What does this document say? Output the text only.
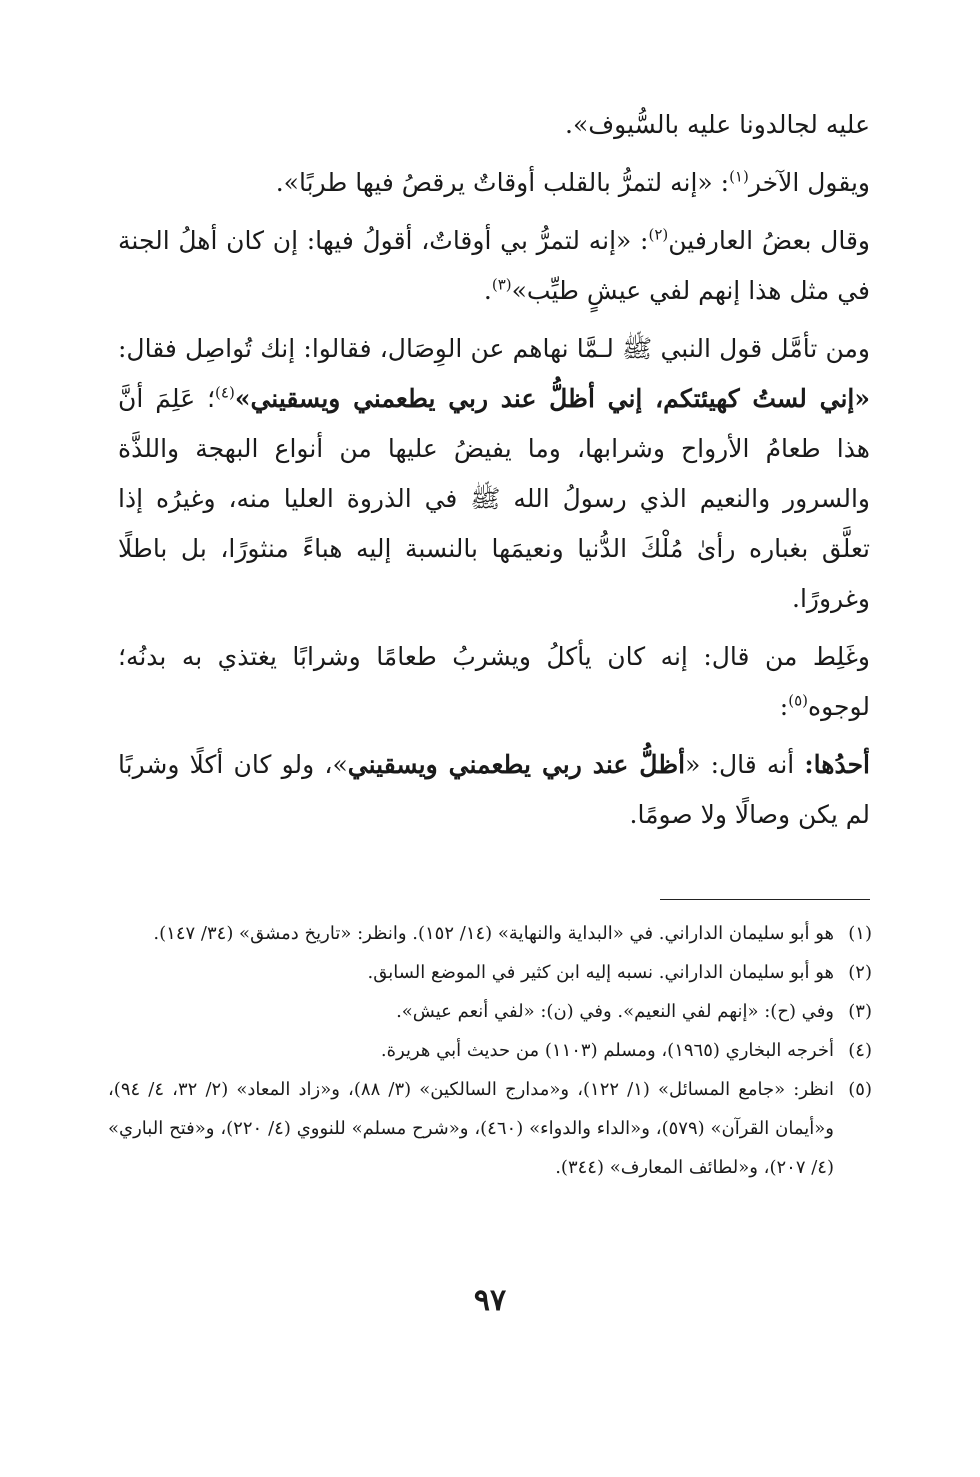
عليه لجالدونا عليه بالسُّيوف».

ويقول الآخر$^{(١)}$: «إنه لتمرُّ بالقلب أوقاتٌ يرقصُ فيها طربًا».

وقال بعضُ العارفين$^{(٢)}$: «إنه لتمرُّ بي أوقاتٌ، أقولُ فيها: إن كان أهلُ الجنة في مثل هذا إنهم لفي عيشٍ طيِّب»$^{(٣)}$.

ومن تأمَّل قول النبي ﷺ لـمَّا نهاهم عن الوِصَال، فقالوا: إنك تُواصِل فقال: «إني لستُ كهيئتكم، إني أظلُّ عند ربي يطعمني ويسقيني»$^{(٤)}$؛ عَلِمَ أنَّ هذا طعامُ الأرواح وشرابها، وما يفيضُ عليها من أنواع البهجة واللذَّة والسرور والنعيم الذي رسولُ الله ﷺ في الذروة العليا منه، وغيرُه إذا تعلَّق بغباره رأىٰ مُلْكَ الدُّنيا ونعيمَها بالنسبة إليه هباءً منثورًا، بل باطلًا وغرورًا.

وغَلِط من قال: إنه كان يأكلُ ويشربُ طعامًا وشرابًا يغتذي به بدنُه؛ لوجوه$^{(٥)}$:

أحدُها: أنه قال: «أظلُّ عند ربي يطعمني ويسقيني»، ولو كان أكلًا وشربًا لم يكن وصالًا ولا صومًا.

(١)
هو أبو سليمان الداراني. في «البداية والنهاية» (١٤/ ١٥٢). وانظر: «تاريخ دمشق» (٣٤/ ١٤٧).
(٢)
هو أبو سليمان الداراني. نسبه إليه ابن كثير في الموضع السابق.
(٣)
وفي (ح): «إنهم لفي النعيم». وفي (ن): «لفي أنعم عيش».
(٤)
أخرجه البخاري (١٩٦٥)، ومسلم (١١٠٣) من حديث أبي هريرة.
(٥)
انظر: «جامع المسائل» (١/ ١٢٢)، و«مدارج السالكين» (٣/ ٨٨)، و«زاد المعاد» (٢/ ٣٢، ٤/ ٩٤)، و«أيمان القرآن» (٥٧٩)، و«الداء والدواء» (٤٦٠)، و«شرح مسلم» للنووي (٤/ ٢٢٠)، و«فتح الباري» (٤/ ٢٠٧)، و«لطائف المعارف» (٣٤٤).
٩٧
